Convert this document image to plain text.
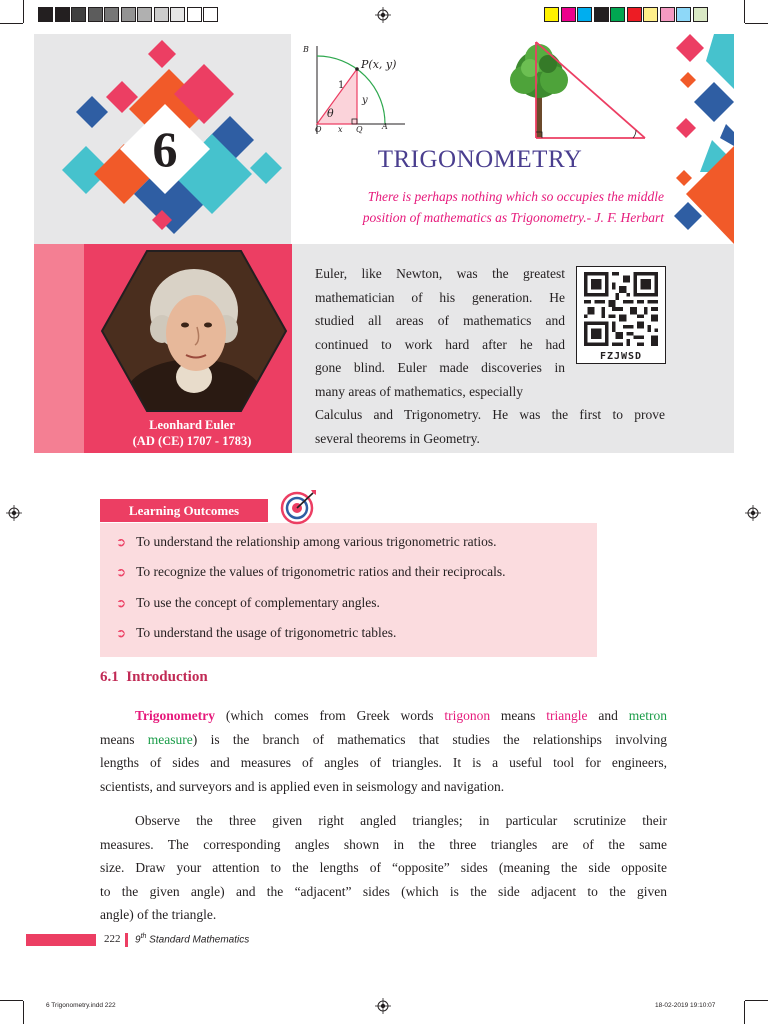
6
B
P(x, y)
1
y
θ
O x Q A
TRIGONOMETRY
There is perhaps nothing which so occupies the middle
position of mathematics as Trigonometry.- J. F. Herbart
Leonhard Euler
(AD (CE) 1707 - 1783)
Euler, like Newton, was the greatest
mathematician of his generation. He
studied all areas of mathematics and
continued to work hard after he had
gone blind. Euler made discoveries in
many areas of mathematics, especially
Calculus and Trigonometry. He was the first to prove
several theorems in Geometry.
FZJWSD
➲ To understand the relationship among various trigonometric ratios.
➲ To recognize the values of trigonometric ratios and their reciprocals.
➲ To use the concept of complementary angles.
➲ To understand the usage of trigonometric tables.
Learning Outcomes
6.1 Introduction
Trigonometry (which comes from Greek words trigonon means triangle and metron
means measure) is the branch of mathematics that studies the relationships involving
lengths of sides and measures of angles of triangles. It is a useful tool for engineers,
scientists, and surveyors and is applied even in seismology and navigation.
Observe the three given right angled triangles; in particular scrutinize their
measures. The corresponding angles shown in the three triangles are of the same
size. Draw your attention to the lengths of “opposite” sides (meaning the side opposite
to the given angle) and the “adjacent” sides (which is the side adjacent to the given
angle) of the triangle.
222 9th Standard Mathematics
6 Trigonometry.indd 222	18-02-2019 19:10:07
